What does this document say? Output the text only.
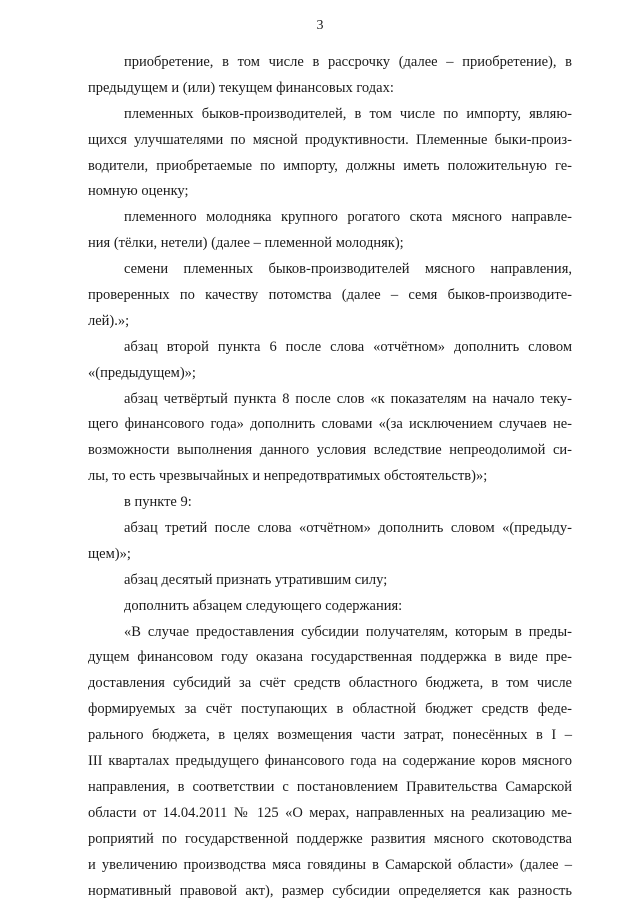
3
приобретение, в том числе в рассрочку (далее – приобретение), в
предыдущем и (или) текущем финансовых годах:
племенных быков-производителей, в том числе по импорту, являю-
щихся улучшателями по мясной продуктивности. Племенные быки-произ-
водители, приобретаемые по импорту, должны иметь положительную ге-
номную оценку;
племенного молодняка крупного рогатого скота мясного направле-
ния (тёлки, нетели) (далее – племенной молодняк);
семени племенных быков-производителей мясного направления,
проверенных по качеству потомства (далее – семя быков-производите-
лей).»;
абзац второй пункта 6 после слова «отчётном» дополнить словом
«(предыдущем)»;
абзац четвёртый пункта 8 после слов «к показателям на начало теку-
щего финансового года» дополнить словами «(за исключением случаев не-
возможности выполнения данного условия вследствие непреодолимой си-
лы, то есть чрезвычайных и непредотвратимых обстоятельств)»;
в пункте 9:
абзац третий после слова «отчётном» дополнить словом «(предыду-
щем)»;
абзац десятый признать утратившим силу;
дополнить абзацем следующего содержания:
«В случае предоставления субсидии получателям, которым в преды-
дущем финансовом году оказана государственная поддержка в виде пре-
доставления субсидий за счёт средств областного бюджета, в том числе
формируемых за счёт поступающих в областной бюджет средств феде-
рального бюджета, в целях возмещения части затрат, понесённых в I –
III кварталах предыдущего финансового года на содержание коров мясного
направления, в соответствии с постановлением Правительства Самарской
области от 14.04.2011 № 125 «О мерах, направленных на реализацию ме-
роприятий по государственной поддержке развития мясного скотоводства
и увеличению производства мяса говядины в Самарской области» (далее –
нормативный правовой акт), размер субсидии определяется как разность
